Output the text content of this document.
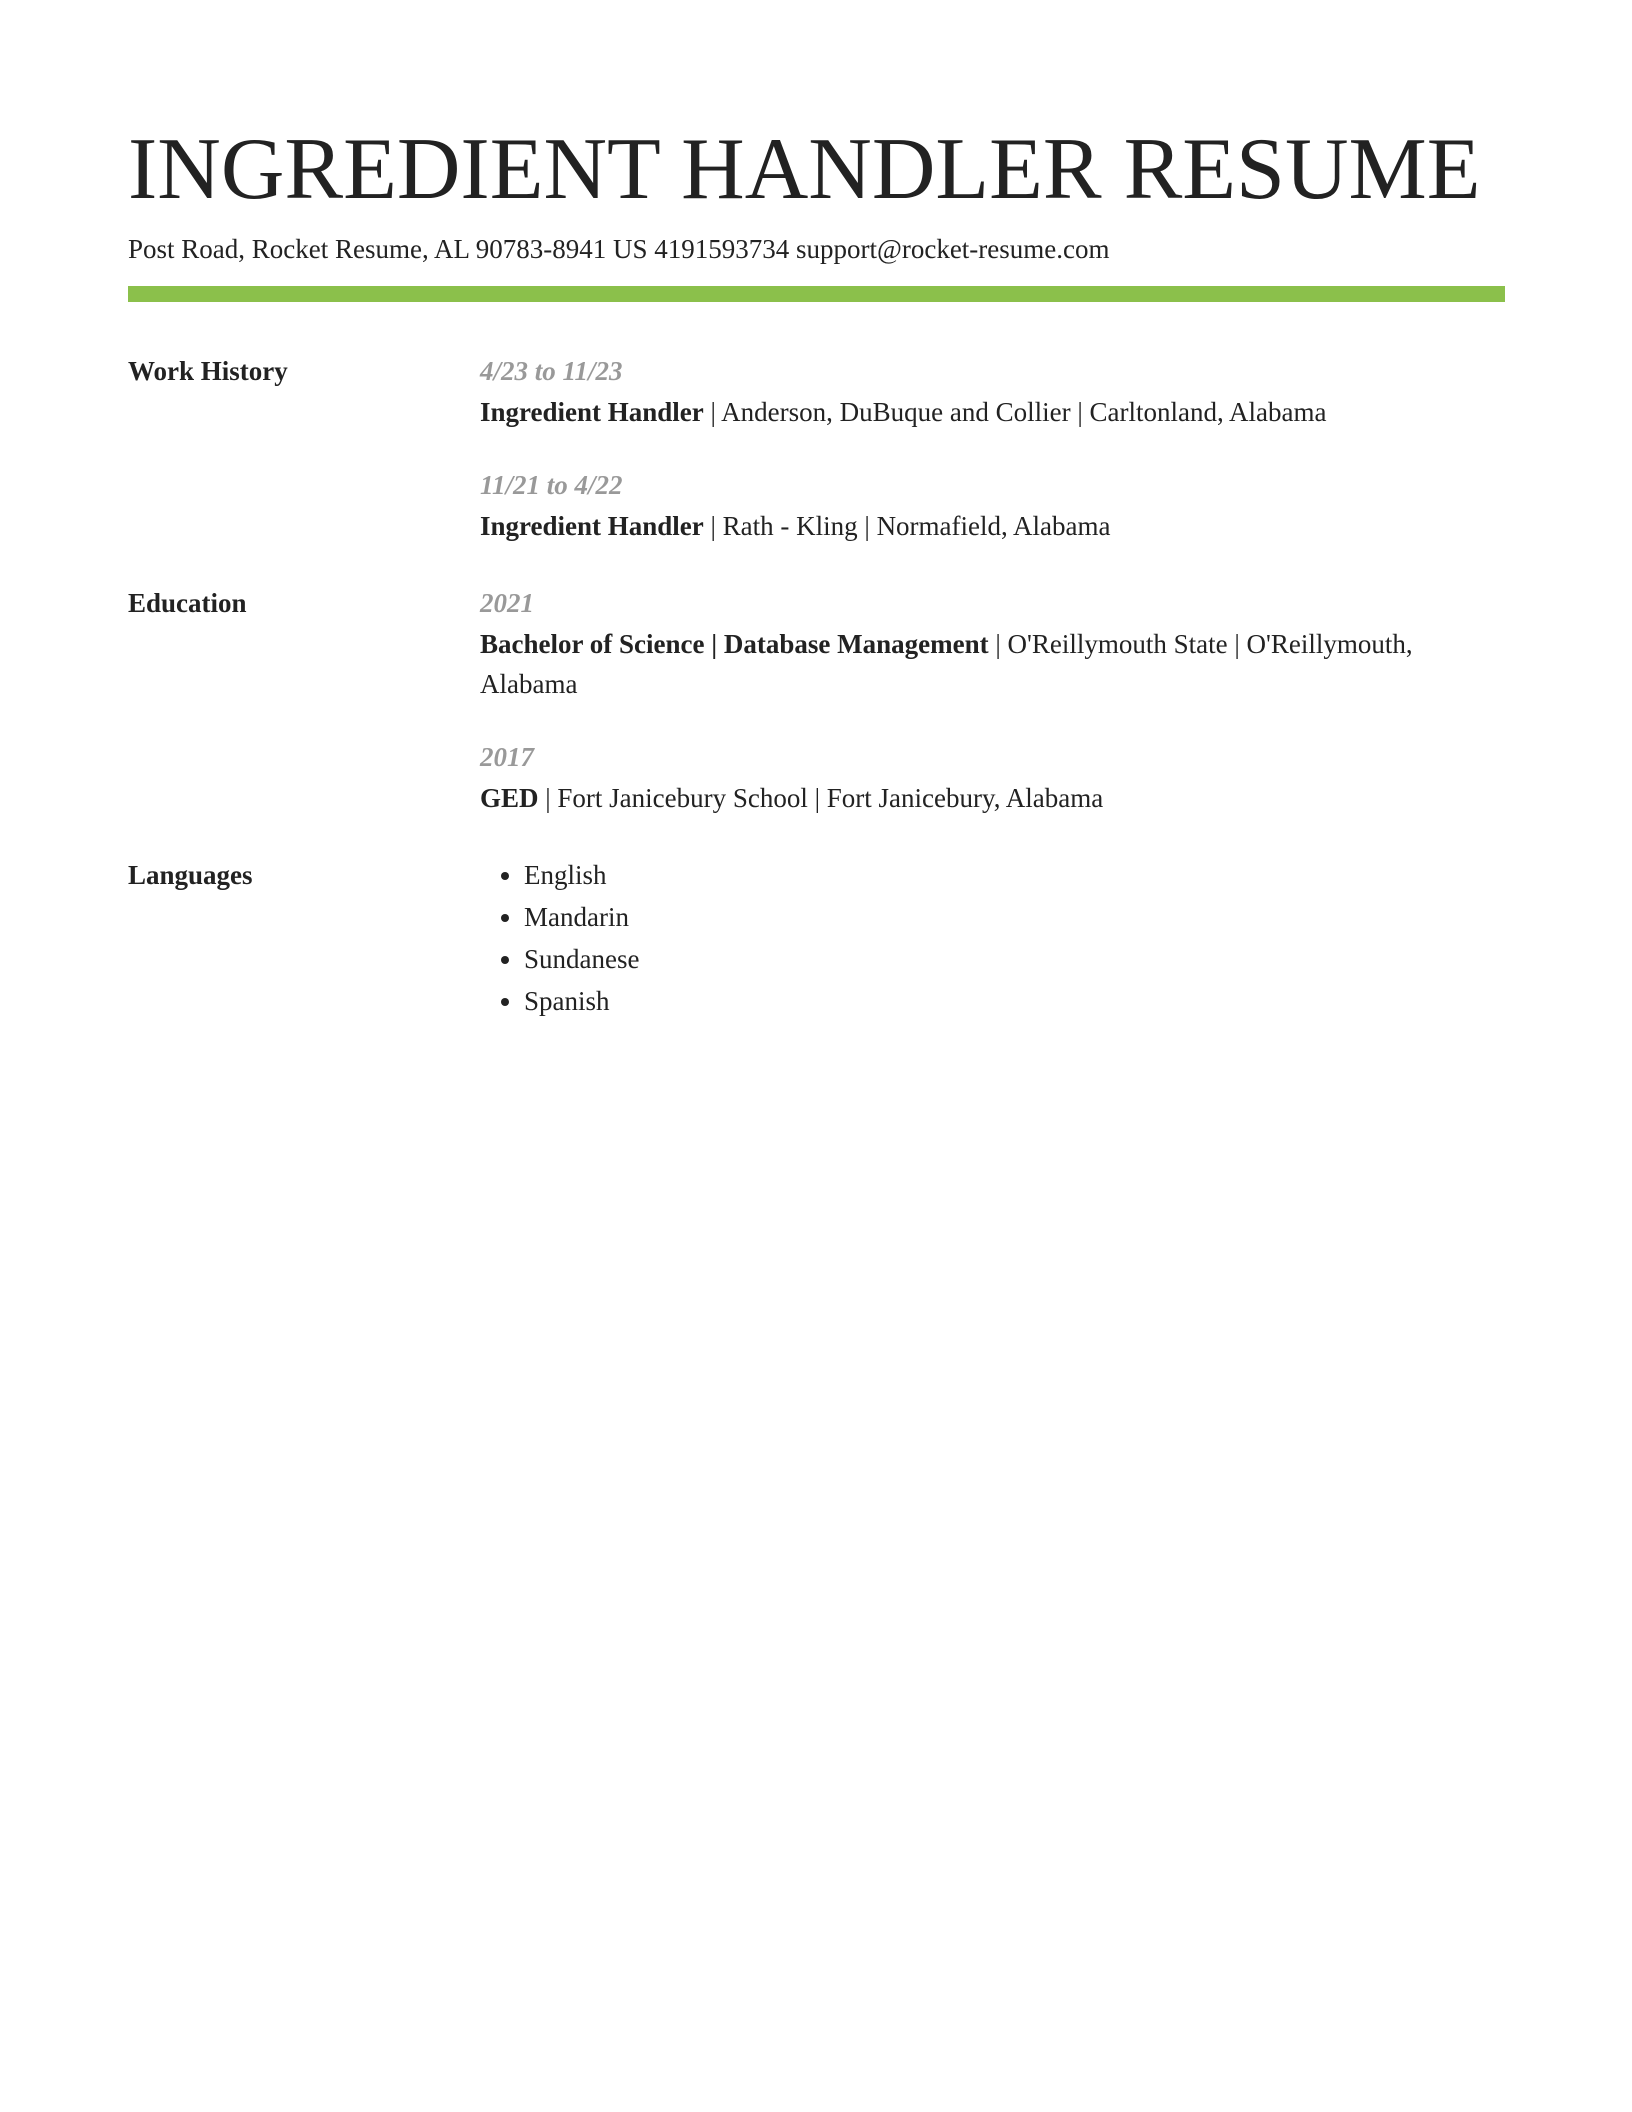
INGREDIENT HANDLER RESUME
Post Road, Rocket Resume, AL 90783-8941 US 4191593734 support@rocket-resume.com
Work History	4/23 to 11/23
Ingredient Handler | Anderson, DuBuque and Collier | Carltonland, Alabama
11/21 to 4/22
Ingredient Handler | Rath - Kling | Normafield, Alabama
Education	2021
Bachelor of Science | Database Management | O'Reillymouth State | O'Reillymouth, Alabama
2017
GED | Fort Janicebury School | Fort Janicebury, Alabama
Languages
•	English
• Mandarin
• Sundanese
• Spanish
